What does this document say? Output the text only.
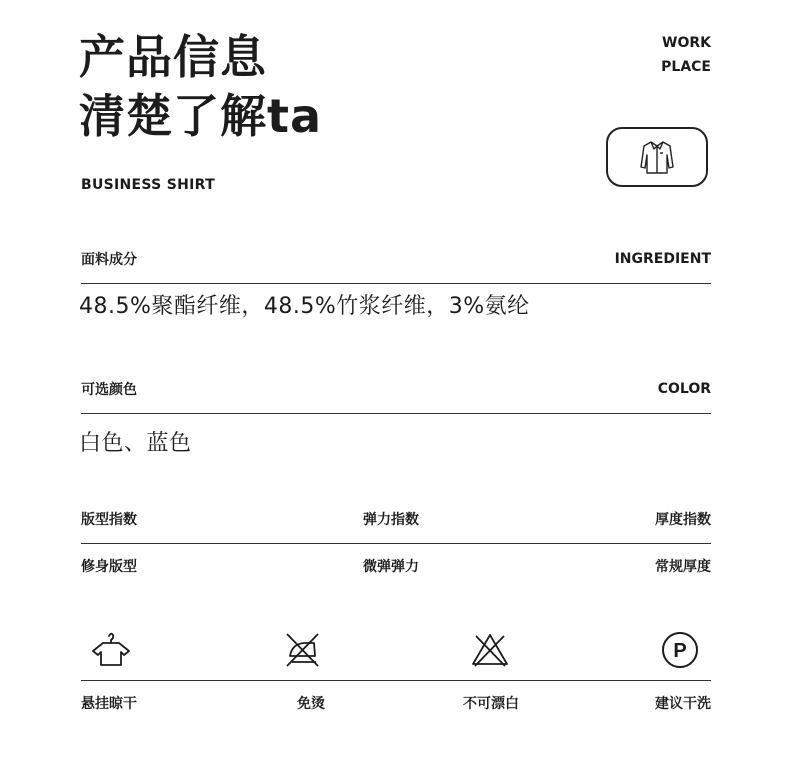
产品信息
清楚了解ta
BUSINESS SHIRT
WORK
PLACE
面料成分	INGREDIENT
48.5%聚酯纤维，48.5%竹浆纤维，3%氨纶
可选颜色	COLOR
白色、蓝色
版型指数	弹力指数	厚度指数
修身版型	微弹弹力	常规厚度
P
悬挂晾干	免烫	不可漂白	建议干洗
